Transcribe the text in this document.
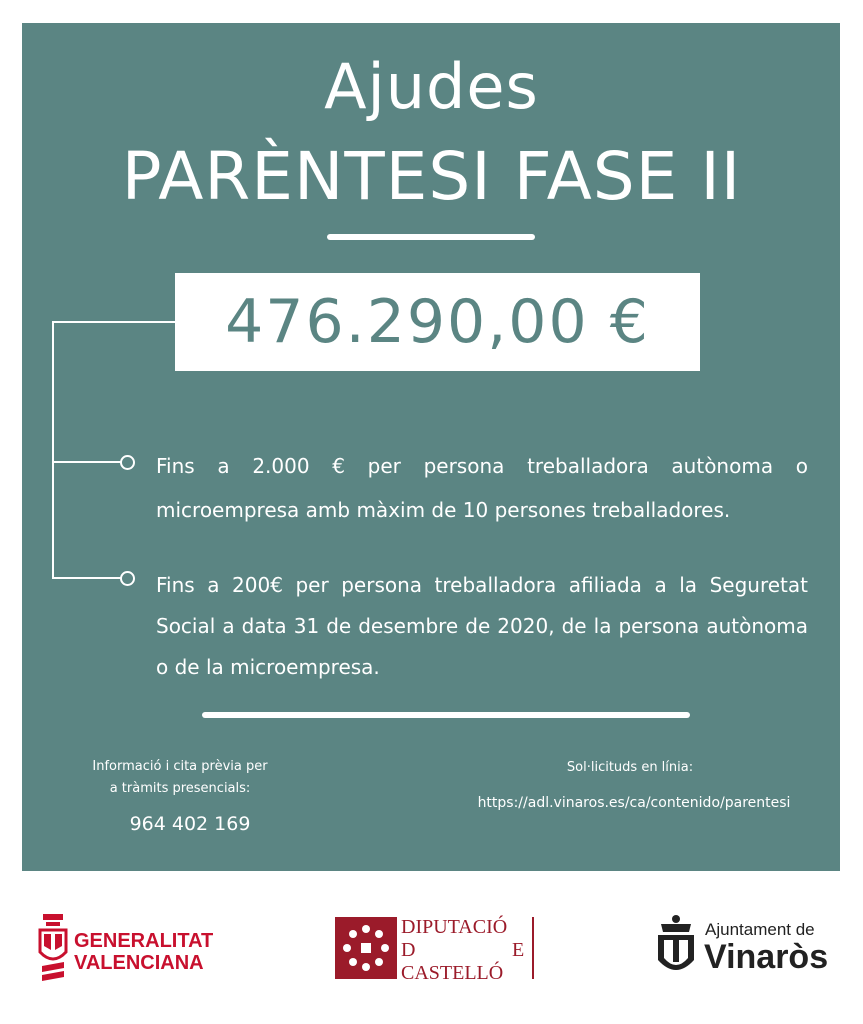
Ajudes
PARÈNTESI FASE II
476.290,00 €
Fins a 2.000 € per persona treballadora autònoma o microempresa amb màxim de 10 persones treballadores.
Fins a 200€ per persona treballadora afiliada a la Seguretat Social a data 31 de desembre de 2020, de la persona autònoma o de la microempresa.
Informació i cita prèvia per
a tràmits presencials:
964 402 169
Sol·licituds en línia:
https://adl.vinaros.es/ca/contenido/parentesi
GENERALITAT
VALENCIANA
DIPUTACIÓ
D	E
CASTELLÓ
Ajuntament de
Vinaròs
